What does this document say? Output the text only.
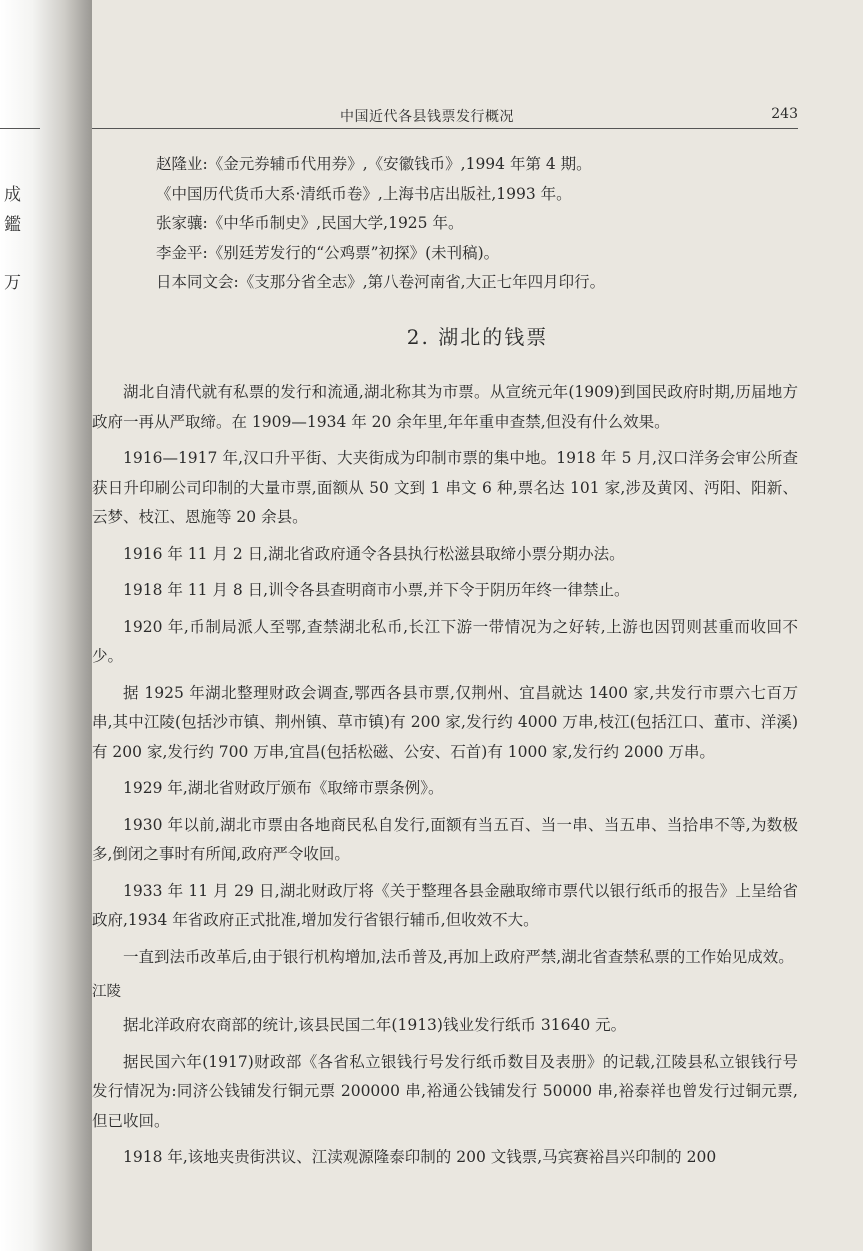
成
鑑
万
中国近代各县钱票发行概况	243

赵隆业:《金元券辅币代用券》,《安徽钱币》,1994 年第 4 期。

《中国历代货币大系·清纸币卷》,上海书店出版社,1993 年。

张家骧:《中华币制史》,民国大学,1925 年。

李金平:《别廷芳发行的“公鸡票”初探》(未刊稿)。

日本同文会:《支那分省全志》,第八卷河南省,大正七年四月印行。

2. 湖北的钱票

湖北自清代就有私票的发行和流通,湖北称其为市票。从宣统元年(1909)到国民政府时期,历届地方政府一再从严取缔。在 1909—1934 年 20 余年里,年年重申查禁,但没有什么效果。

1916—1917 年,汉口升平街、大夹街成为印制市票的集中地。1918 年 5 月,汉口洋务会审公所查获日升印刷公司印制的大量市票,面额从 50 文到 1 串文 6 种,票名达 101 家,涉及黄冈、沔阳、阳新、云梦、枝江、恩施等 20 余县。

1916 年 11 月 2 日,湖北省政府通令各县执行松滋县取缔小票分期办法。

1918 年 11 月 8 日,训令各县查明商市小票,并下令于阴历年终一律禁止。

1920 年,币制局派人至鄂,查禁湖北私币,长江下游一带情况为之好转,上游也因罚则甚重而收回不少。

据 1925 年湖北整理财政会调查,鄂西各县市票,仅荆州、宜昌就达 1400 家,共发行市票六七百万串,其中江陵(包括沙市镇、荆州镇、草市镇)有 200 家,发行约 4000 万串,枝江(包括江口、董市、洋溪)有 200 家,发行约 700 万串,宜昌(包括松磁、公安、石首)有 1000 家,发行约 2000 万串。

1929 年,湖北省财政厅颁布《取缔市票条例》。

1930 年以前,湖北市票由各地商民私自发行,面额有当五百、当一串、当五串、当拾串不等,为数极多,倒闭之事时有所闻,政府严令收回。

1933 年 11 月 29 日,湖北财政厅将《关于整理各县金融取缔市票代以银行纸币的报告》上呈给省政府,1934 年省政府正式批准,增加发行省银行辅币,但收效不大。

一直到法币改革后,由于银行机构增加,法币普及,再加上政府严禁,湖北省查禁私票的工作始见成效。

江陵

据北洋政府农商部的统计,该县民国二年(1913)钱业发行纸币 31640 元。

据民国六年(1917)财政部《各省私立银钱行号发行纸币数目及表册》的记载,江陵县私立银钱行号发行情况为:同济公钱铺发行铜元票 200000 串,裕通公钱铺发行 50000 串,裕泰祥也曾发行过铜元票,但已收回。

1918 年,该地夹贵街洪议、江渎观源隆泰印制的 200 文钱票,马宾赛裕昌兴印制的 200
